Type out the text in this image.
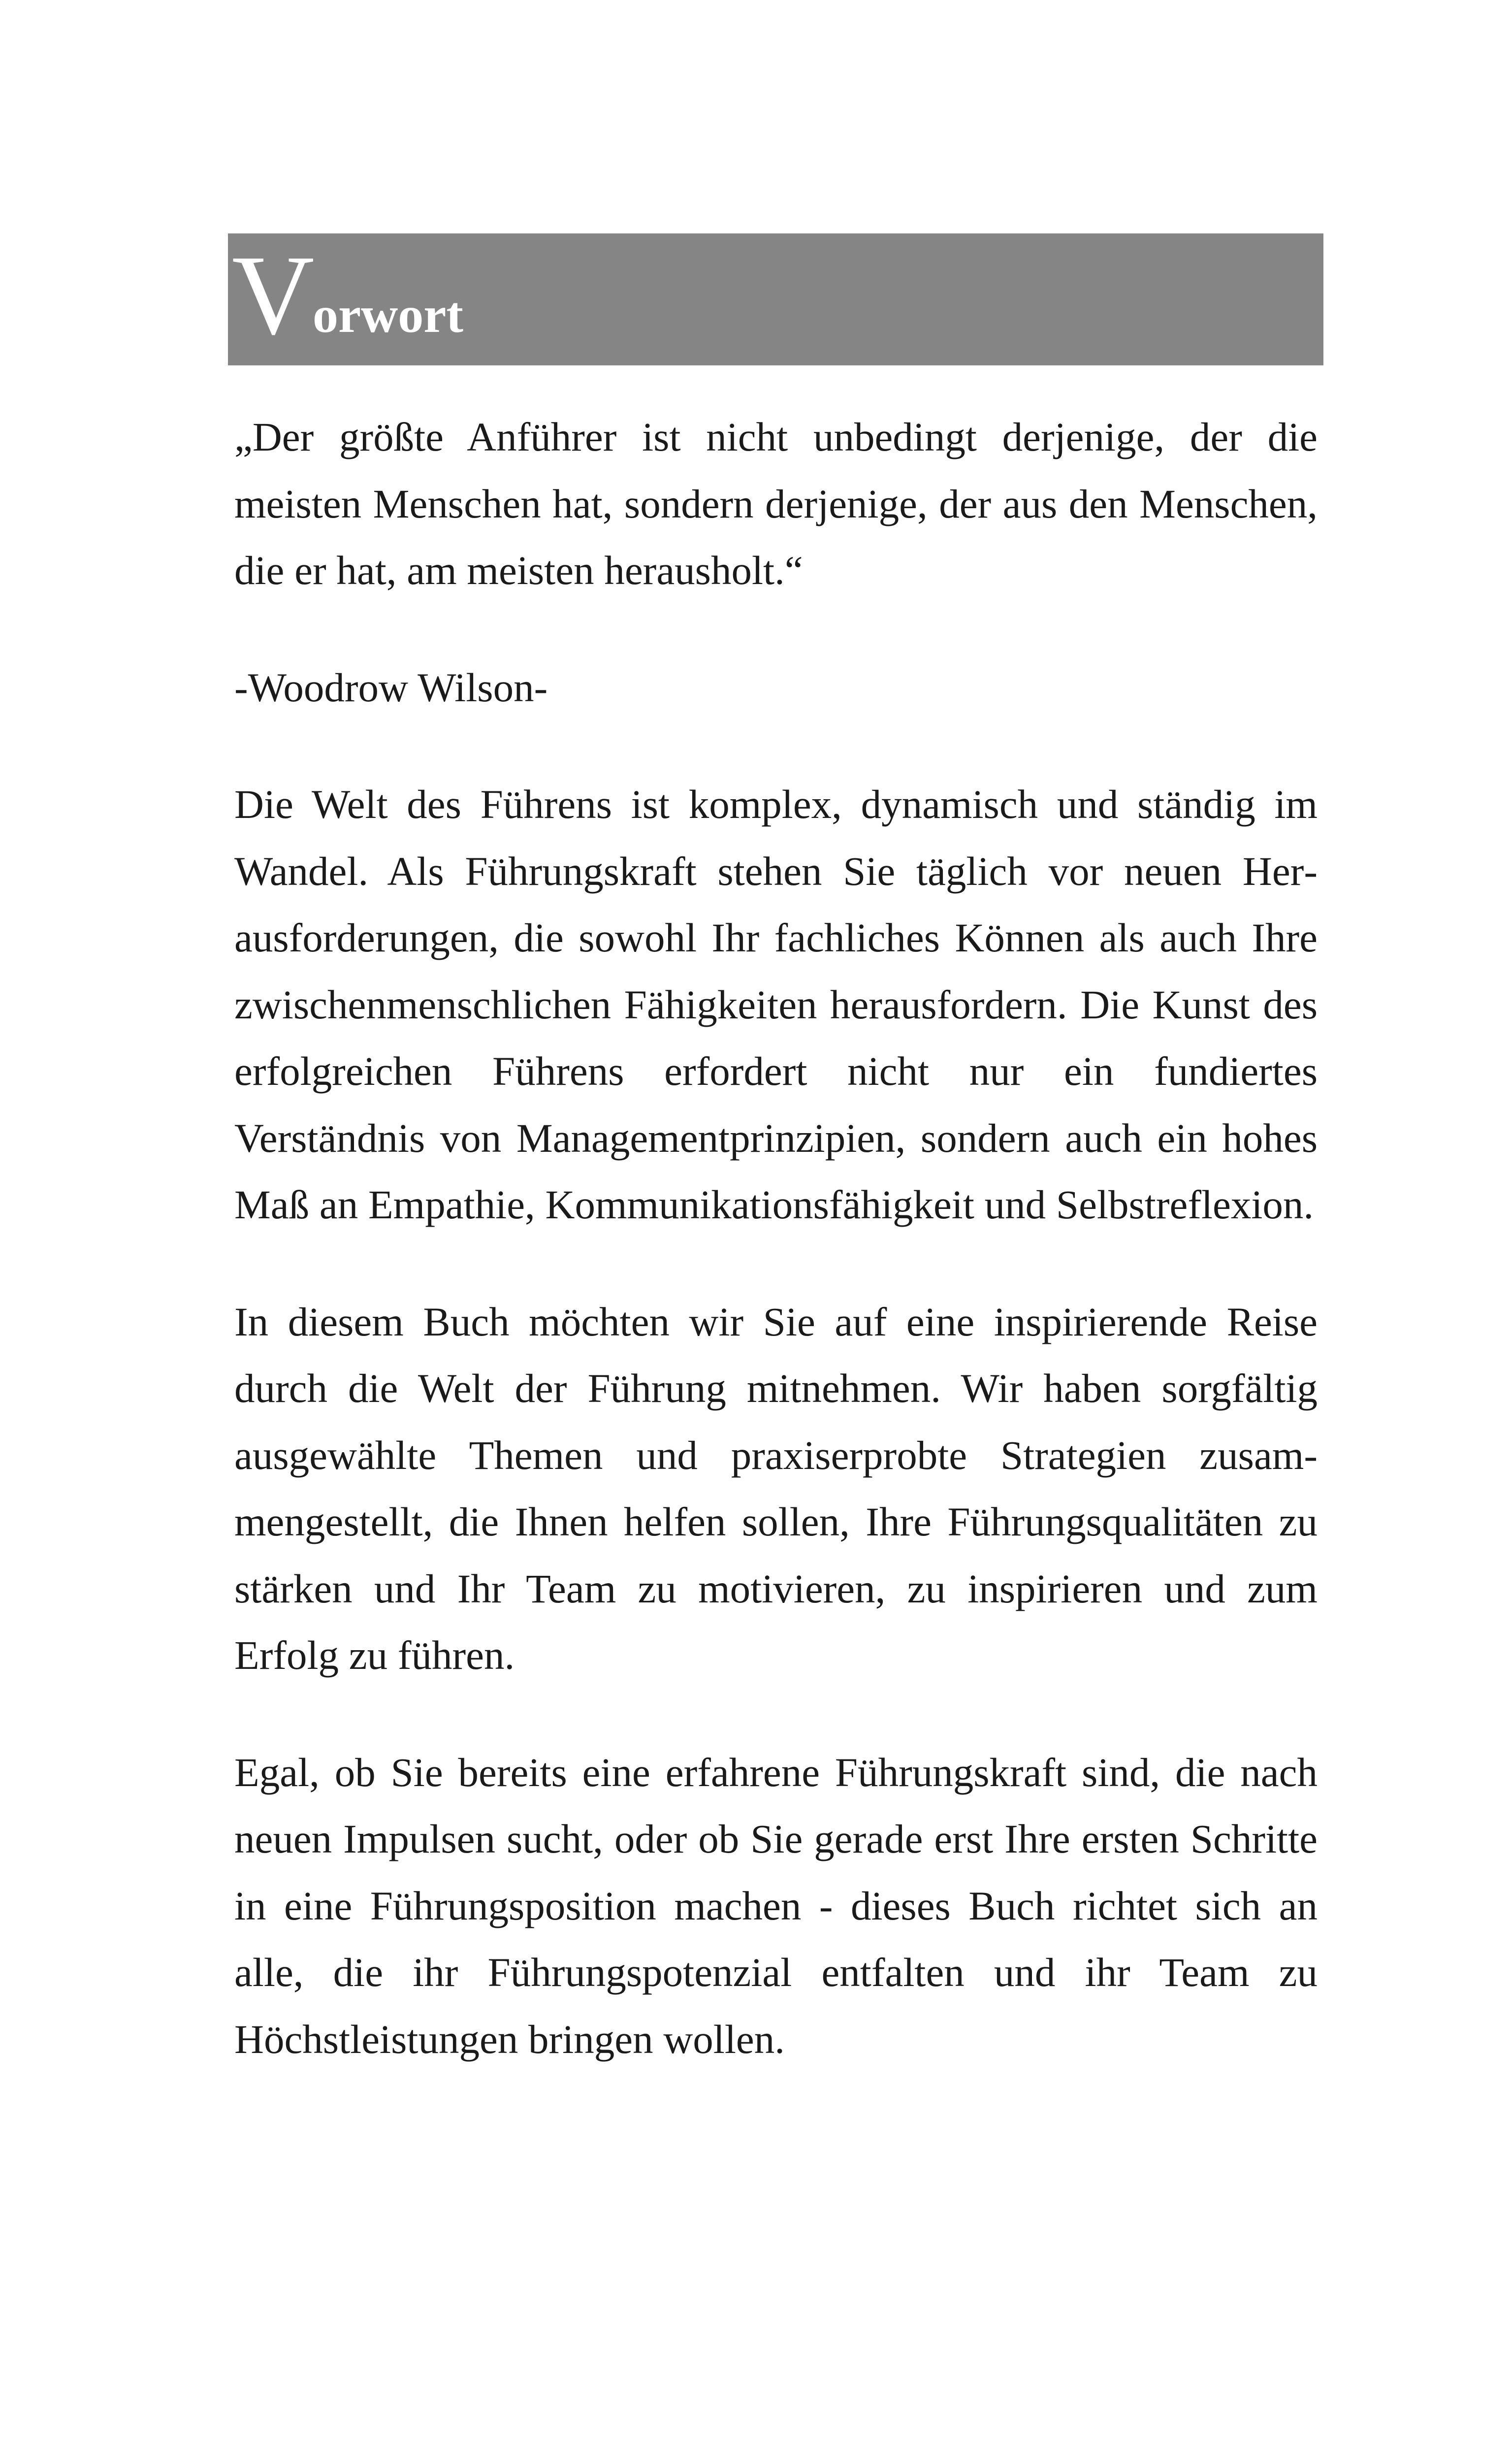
V
orwort

„Der größte Anführer ist nicht unbedingt derjenige, der die meisten Menschen hat, sondern derjenige, der aus den Menschen, die er hat, am meisten herausholt.“

-Woodrow Wilson-

Die Welt des Führens ist komplex, dynamisch und ständig im Wandel. Als Führungskraft stehen Sie täglich vor neuen Herausforderungen, die sowohl Ihr fachliches Können als auch Ihre zwischenmenschlichen Fähigkeiten herausfordern. Die Kunst des erfolgreichen Führens erfordert nicht nur ein fundiertes Verständnis von Managementprinzipien, sondern auch ein hohes Maß an Empathie, Kommunikationsfähigkeit und Selbstreflexion.

In diesem Buch möchten wir Sie auf eine inspirierende Reise durch die Welt der Führung mitnehmen. Wir haben sorgfältig ausgewählte Themen und praxiserprobte Strategien zusammengestellt, die Ihnen helfen sollen, Ihre Führungsqualitäten zu stärken und Ihr Team zu motivieren, zu inspirieren und zum Erfolg zu führen.

Egal, ob Sie bereits eine erfahrene Führungskraft sind, die nach neuen Impulsen sucht, oder ob Sie gerade erst Ihre ersten Schritte in eine Führungsposition machen - dieses Buch richtet sich an alle, die ihr Führungspotenzial entfalten und ihr Team zu Höchstleistungen bringen wollen.
